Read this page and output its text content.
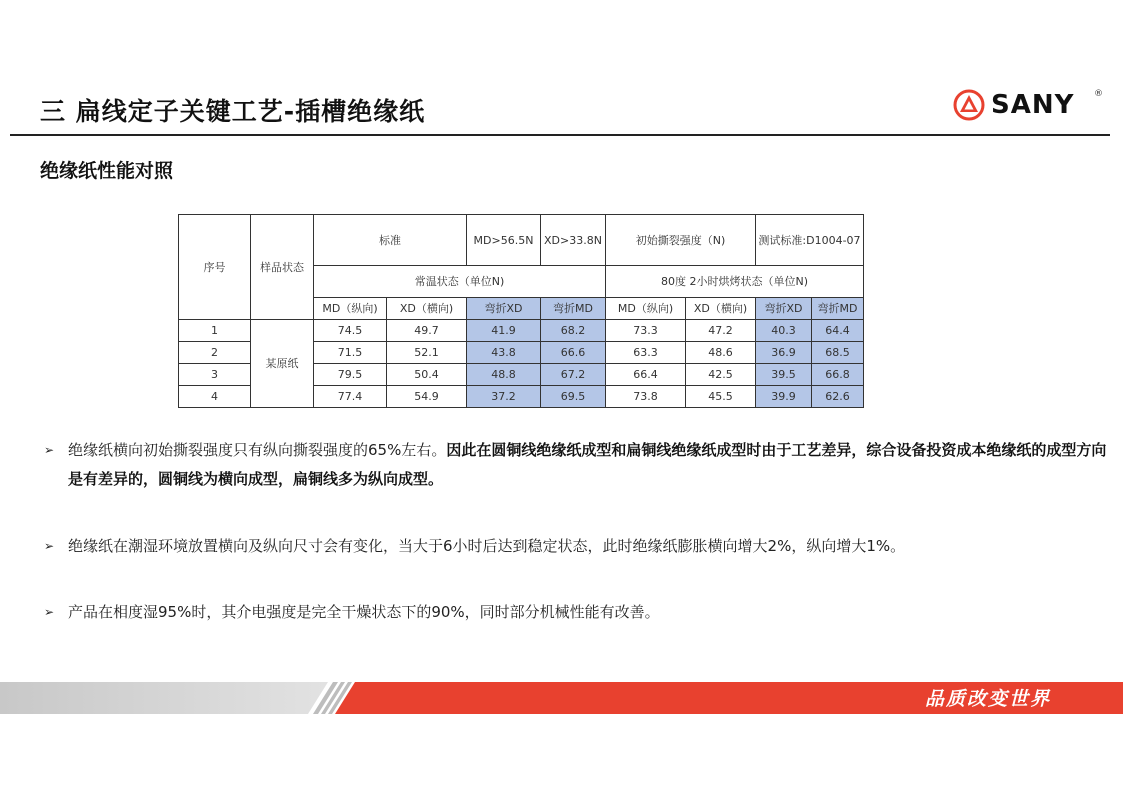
三 扁线定子关键工艺-插槽绝缘纸	SANY ®
绝缘纸性能对照
序号	样品状态	标准		MD>56.5N	XD>33.8N	初始撕裂强度（N)		测试标准:D1004-07	
		常温状态（单位N)				80度 2小时烘烤状态（单位N)			
		MD（纵向)	XD（横向)	弯折XD	弯折MD	MD（纵向)	XD（横向)	弯折XD	弯折MD
1	某原纸	74.5	49.7	41.9	68.2	73.3	47.2	40.3	64.4
2		71.5	52.1	43.8	66.6	63.3	48.6	36.9	68.5
3		79.5	50.4	48.8	67.2	66.4	42.5	39.5	66.8
4		77.4	54.9	37.2	69.5	73.8	45.5	39.9	62.6
➢ 绝缘纸横向初始撕裂强度只有纵向撕裂强度的65%左右。因此在圆铜线绝缘纸成型和扁铜线绝缘纸成型时由于工艺差异，综合设备投资成本绝缘纸的成型方向是有差异的，圆铜线为横向成型，扁铜线多为纵向成型。
➢ 绝缘纸在潮湿环境放置横向及纵向尺寸会有变化，当大于6小时后达到稳定状态，此时绝缘纸膨胀横向增大2%，纵向增大1%。
➢ 产品在相度湿95%时，其介电强度是完全干燥状态下的90%，同时部分机械性能有改善。
品质改变世界
